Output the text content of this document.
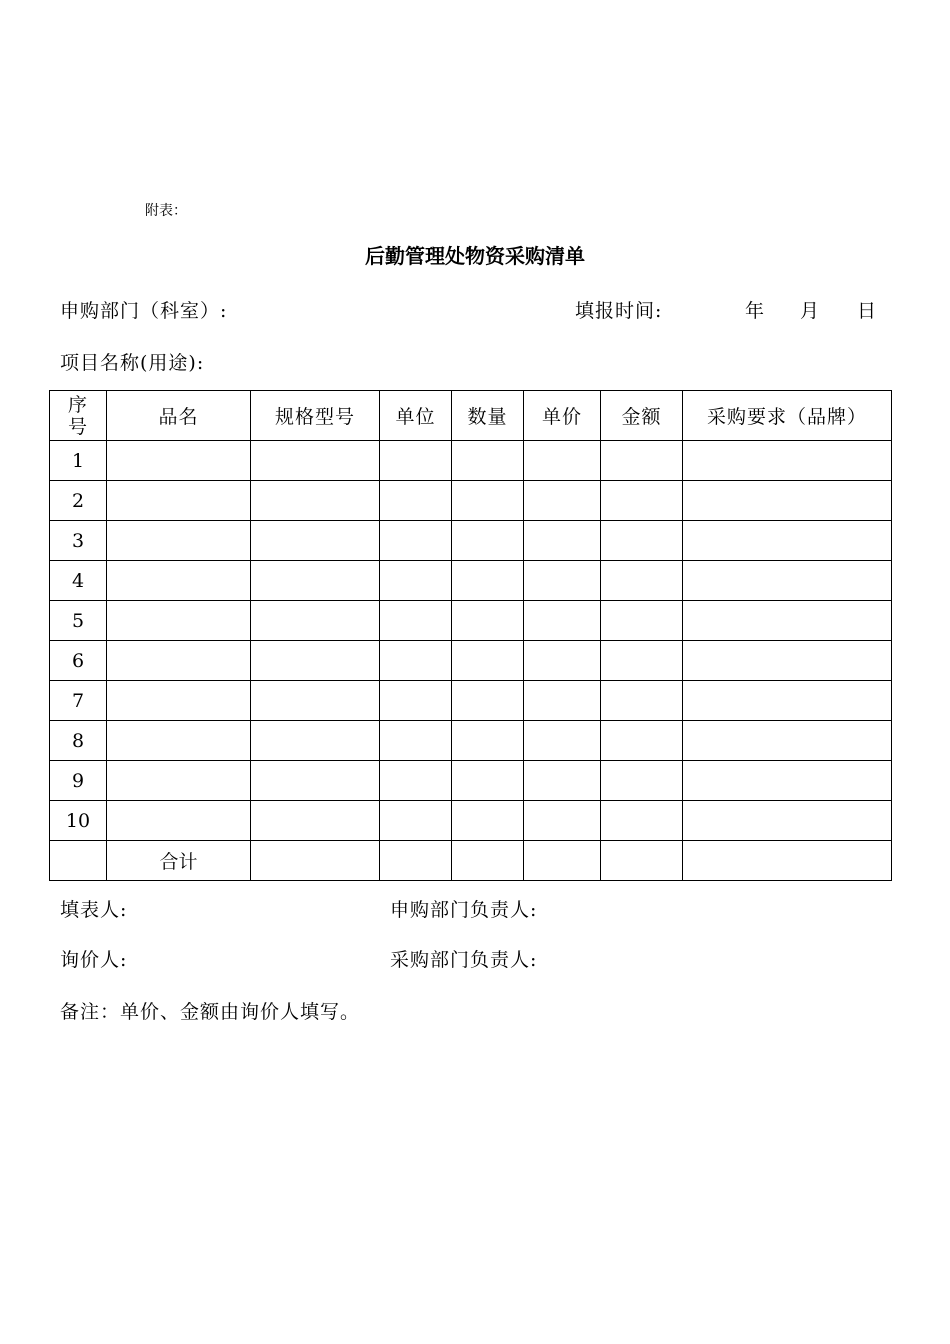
附表：
后勤管理处物资采购清单
申购部门（科室）:	填报时间:	年 月 日
项目名称(用途):
序
号	品名	规格型号	单位	数量	单价	金额	采购要求（品牌）
1							
2							
3							
4							
5							
6							
7							
8							
9							
10							
	合计						
填表人:	申购部门负责人:
询价人:	采购部门负责人:
备注：单价、金额由询价人填写。
